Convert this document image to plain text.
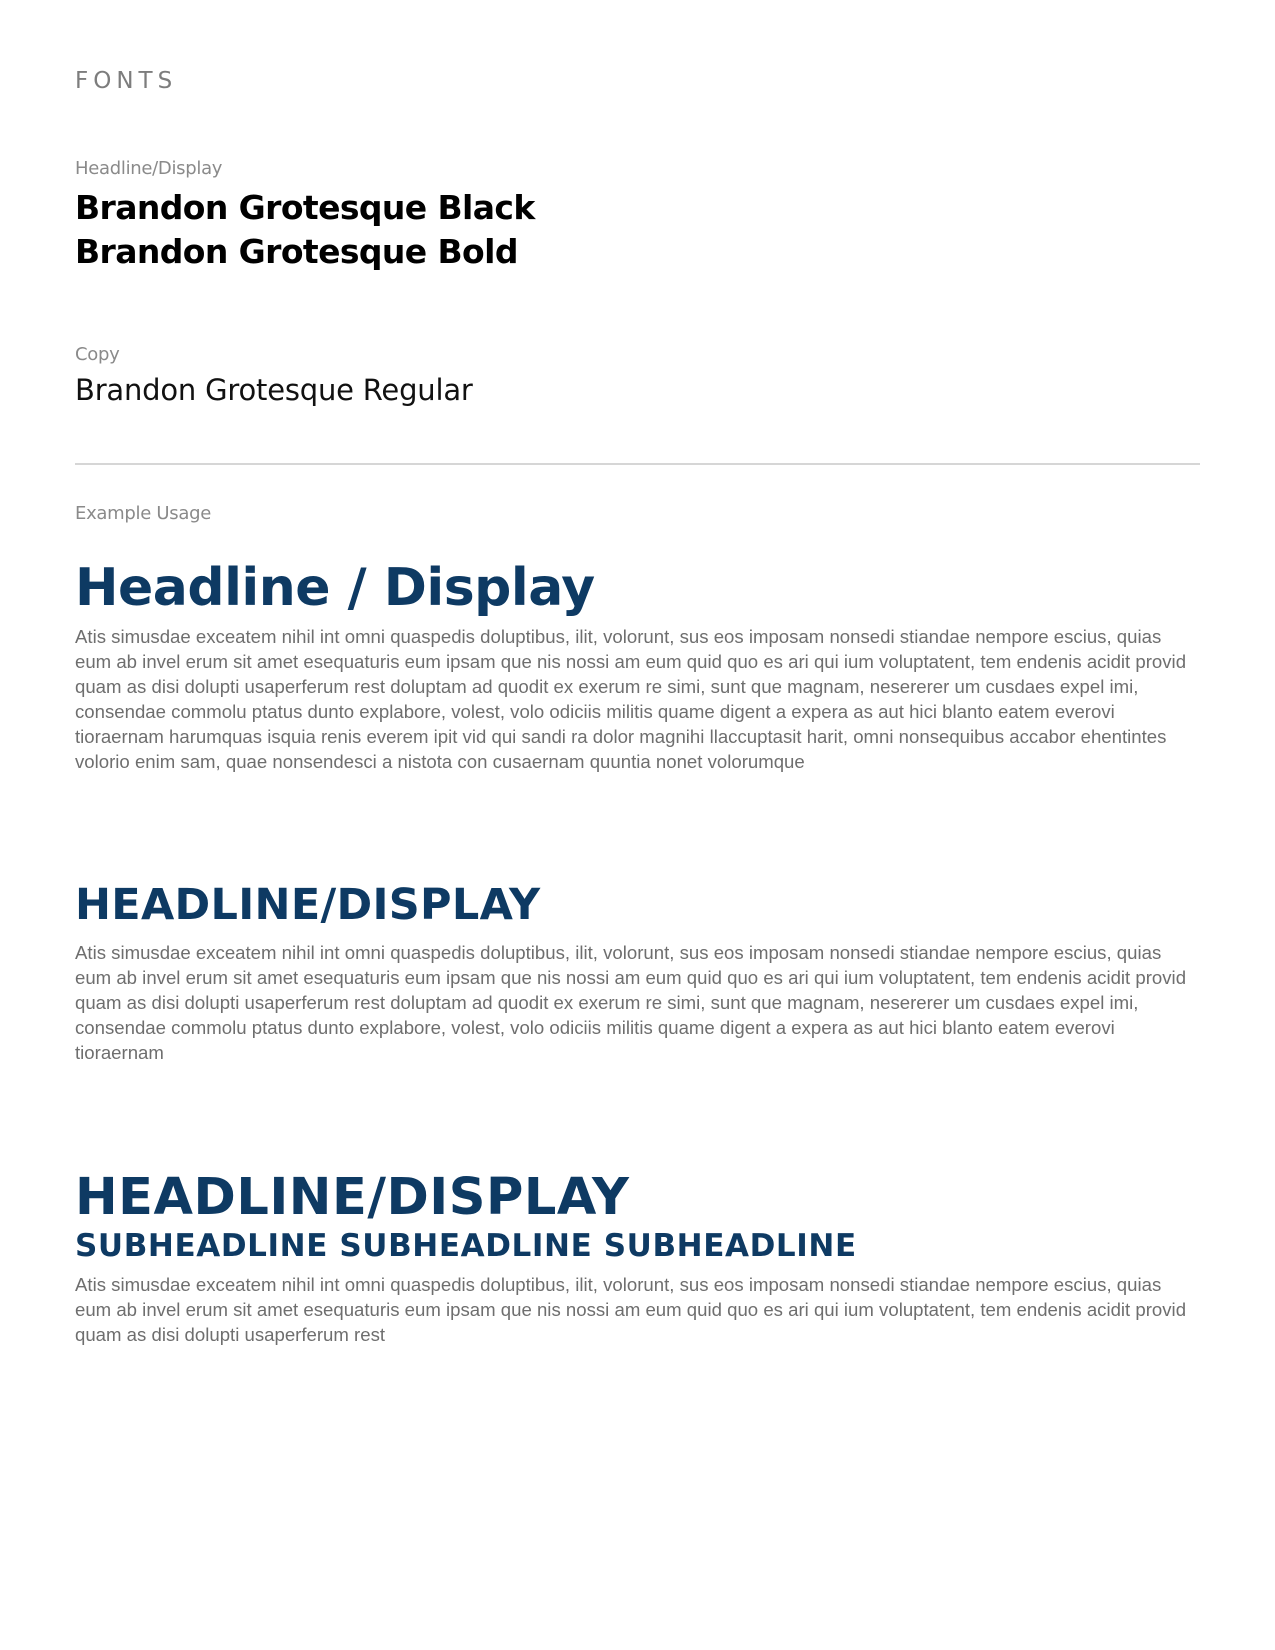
FONTS
Headline/Display
Brandon Grotesque Black
Brandon Grotesque Bold
Copy
Brandon Grotesque Regular
Example Usage
Headline / Display
Atis simusdae exceatem nihil int omni quaspedis doluptibus, ilit, volorunt, sus eos imposam nonsedi stiandae nempore escius, quias eum ab invel erum sit amet esequaturis eum ipsam que nis nossi am eum quid quo es ari qui ium voluptatent, tem endenis acidit provid quam as disi dolupti usaperferum rest doluptam ad quodit ex exerum re simi, sunt que magnam, nesererer um cusdaes expel imi, consendae commolu ptatus dunto explabore, volest, volo odiciis militis quame digent a expera as aut hici blanto eatem everovi tioraernam harumquas isquia renis everem ipit vid qui sandi ra dolor magnihi llaccuptasit harit, omni nonsequibus accabor ehentintes volorio enim sam, quae nonsendesci a nistota con cusaernam quuntia nonet volorumque
HEADLINE/DISPLAY
Atis simusdae exceatem nihil int omni quaspedis doluptibus, ilit, volorunt, sus eos imposam nonsedi stiandae nempore escius, quias eum ab invel erum sit amet esequaturis eum ipsam que nis nossi am eum quid quo es ari qui ium voluptatent, tem endenis acidit provid quam as disi dolupti usaperferum rest doluptam ad quodit ex exerum re simi, sunt que magnam, nesererer um cusdaes expel imi, consendae commolu ptatus dunto explabore, volest, volo odiciis militis quame digent a expera as aut hici blanto eatem everovi tioraernam
HEADLINE/DISPLAY
SUBHEADLINE SUBHEADLINE SUBHEADLINE
Atis simusdae exceatem nihil int omni quaspedis doluptibus, ilit, volorunt, sus eos imposam nonsedi stiandae nempore escius, quias eum ab invel erum sit amet esequaturis eum ipsam que nis nossi am eum quid quo es ari qui ium voluptatent, tem endenis acidit provid quam as disi dolupti usaperferum rest
